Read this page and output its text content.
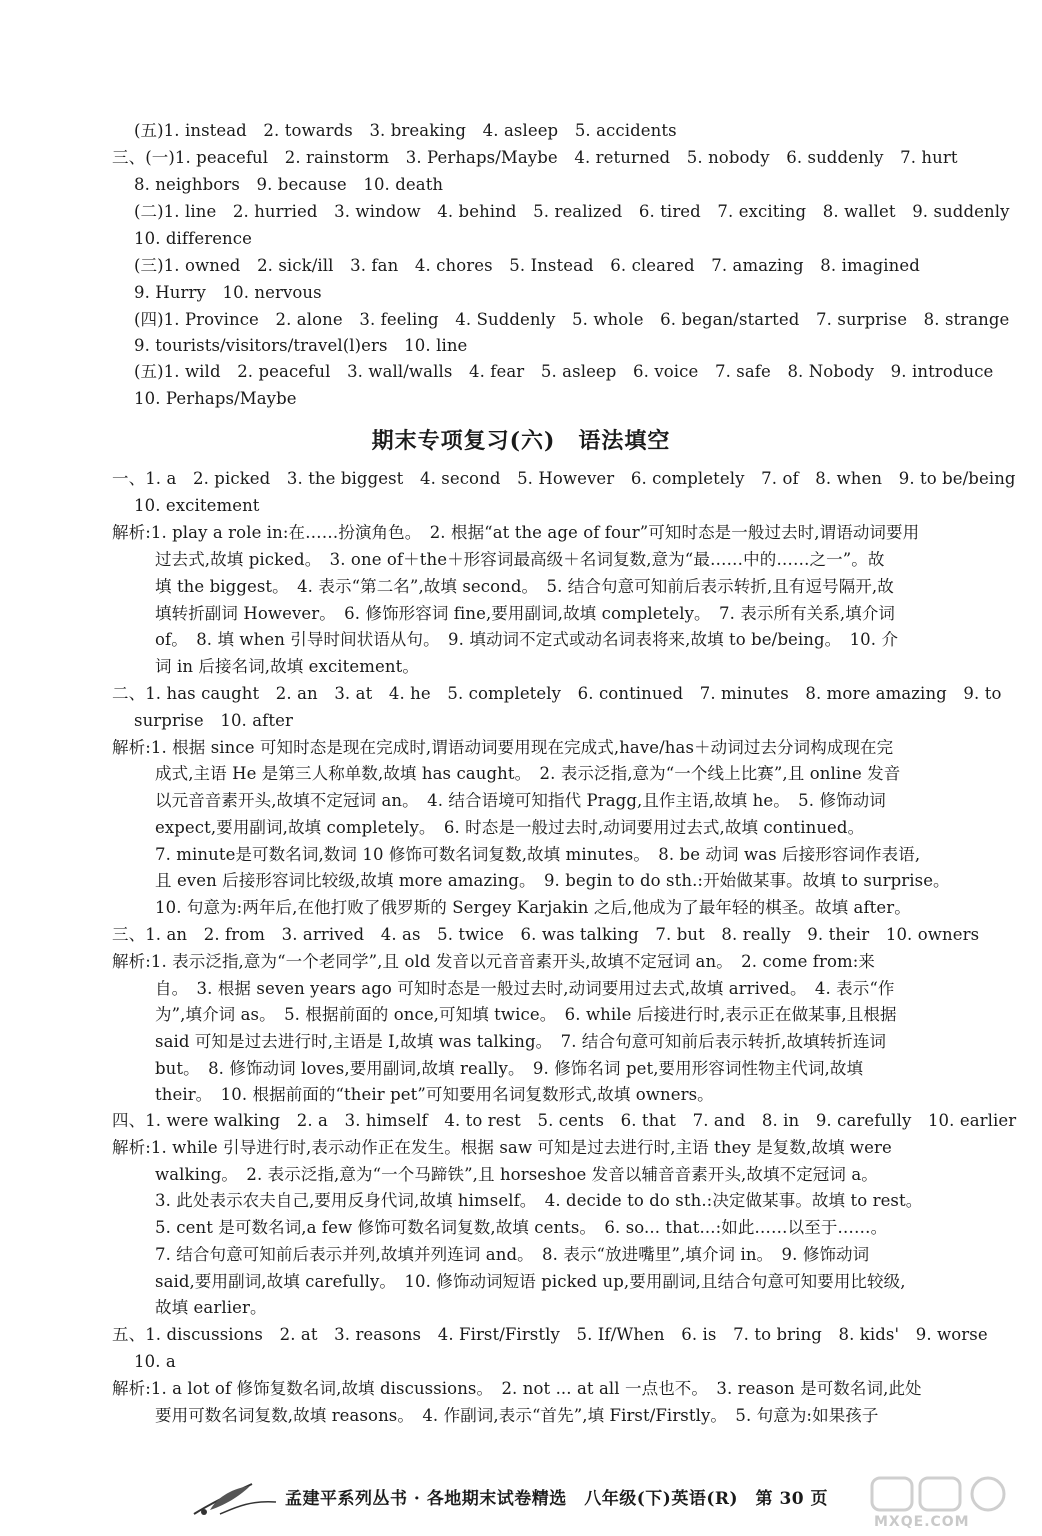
(五)1. instead　2. towards　3. breaking　4. asleep　5. accidents
三、(一)1. peaceful　2. rainstorm　3. Perhaps/Maybe　4. returned　5. nobody　6. suddenly　7. hurt
8. neighbors　9. because　10. death
(二)1. line　2. hurried　3. window　4. behind　5. realized　6. tired　7. exciting　8. wallet　9. suddenly
10. difference
(三)1. owned　2. sick/ill　3. fan　4. chores　5. Instead　6. cleared　7. amazing　8. imagined
9. Hurry　10. nervous
(四)1. Province　2. alone　3. feeling　4. Suddenly　5. whole　6. began/started　7. surprise　8. strange
9. tourists/visitors/travel(l)ers　10. line
(五)1. wild　2. peaceful　3. wall/walls　4. fear　5. asleep　6. voice　7. safe　8. Nobody　9. introduce
10. Perhaps/Maybe
期末专项复习(六)　语法填空
一、1. a　2. picked　3. the biggest　4. second　5. However　6. completely　7. of　8. when　9. to be/being
10. excitement
解析:1. play a role in:在……扮演角色。　2. 根据“at the age of four”可知时态是一般过去时,谓语动词要用
过去式,故填 picked。　3. one of＋the＋形容词最高级＋名词复数,意为“最……中的……之一”。故
填 the biggest。　4. 表示“第二名”,故填 second。　5. 结合句意可知前后表示转折,且有逗号隔开,故
填转折副词 However。　6. 修饰形容词 fine,要用副词,故填 completely。　7. 表示所有关系,填介词
of。　8. 填 when 引导时间状语从句。　9. 填动词不定式或动名词表将来,故填 to be/being。　10. 介
词 in 后接名词,故填 excitement。
二、1. has caught　2. an　3. at　4. he　5. completely　6. continued　7. minutes　8. more amazing　9. to
surprise　10. after
解析:1. 根据 since 可知时态是现在完成时,谓语动词要用现在完成式,have/has＋动词过去分词构成现在完
成式,主语 He 是第三人称单数,故填 has caught。　2. 表示泛指,意为“一个线上比赛”,且 online 发音
以元音音素开头,故填不定冠词 an。　4. 结合语境可知指代 Pragg,且作主语,故填 he。　5. 修饰动词
expect,要用副词,故填 completely。　6. 时态是一般过去时,动词要用过去式,故填 continued。
7. minute是可数名词,数词 10 修饰可数名词复数,故填 minutes。　8. be 动词 was 后接形容词作表语,
且 even 后接形容词比较级,故填 more amazing。　9. begin to do sth.:开始做某事。故填 to surprise。
10. 句意为:两年后,在他打败了俄罗斯的 Sergey Karjakin 之后,他成为了最年轻的棋圣。故填 after。
三、1. an　2. from　3. arrived　4. as　5. twice　6. was talking　7. but　8. really　9. their　10. owners
解析:1. 表示泛指,意为“一个老同学”,且 old 发音以元音音素开头,故填不定冠词 an。　2. come from:来
自。　3. 根据 seven years ago 可知时态是一般过去时,动词要用过去式,故填 arrived。　4. 表示“作
为”,填介词 as。　5. 根据前面的 once,可知填 twice。　6. while 后接进行时,表示正在做某事,且根据
said 可知是过去进行时,主语是 I,故填 was talking。　7. 结合句意可知前后表示转折,故填转折连词
but。　8. 修饰动词 loves,要用副词,故填 really。　9. 修饰名词 pet,要用形容词性物主代词,故填
their。　10. 根据前面的“their pet”可知要用名词复数形式,故填 owners。
四、1. were walking　2. a　3. himself　4. to rest　5. cents　6. that　7. and　8. in　9. carefully　10. earlier
解析:1. while 引导进行时,表示动作正在发生。根据 saw 可知是过去进行时,主语 they 是复数,故填 were
walking。　2. 表示泛指,意为“一个马蹄铁”,且 horseshoe 发音以辅音音素开头,故填不定冠词 a。
3. 此处表示农夫自己,要用反身代词,故填 himself。　4. decide to do sth.:决定做某事。故填 to rest。
5. cent 是可数名词,a few 修饰可数名词复数,故填 cents。　6. so... that...:如此……以至于……。
7. 结合句意可知前后表示并列,故填并列连词 and。　8. 表示“放进嘴里”,填介词 in。　9. 修饰动词
said,要用副词,故填 carefully。　10. 修饰动词短语 picked up,要用副词,且结合句意可知要用比较级,
故填 earlier。
五、1. discussions　2. at　3. reasons　4. First/Firstly　5. If/When　6. is　7. to bring　8. kids'　9. worse
10. a
解析:1. a lot of 修饰复数名词,故填 discussions。　2. not ... at all 一点也不。　3. reason 是可数名词,此处
要用可数名词复数,故填 reasons。　4. 作副词,表示“首先”,填 First/Firstly。　5. 句意为:如果孩子
孟建平系列丛书 · 各地期末试卷精选　八年级(下)英语(R)　第 30 页
MXQE.COM
